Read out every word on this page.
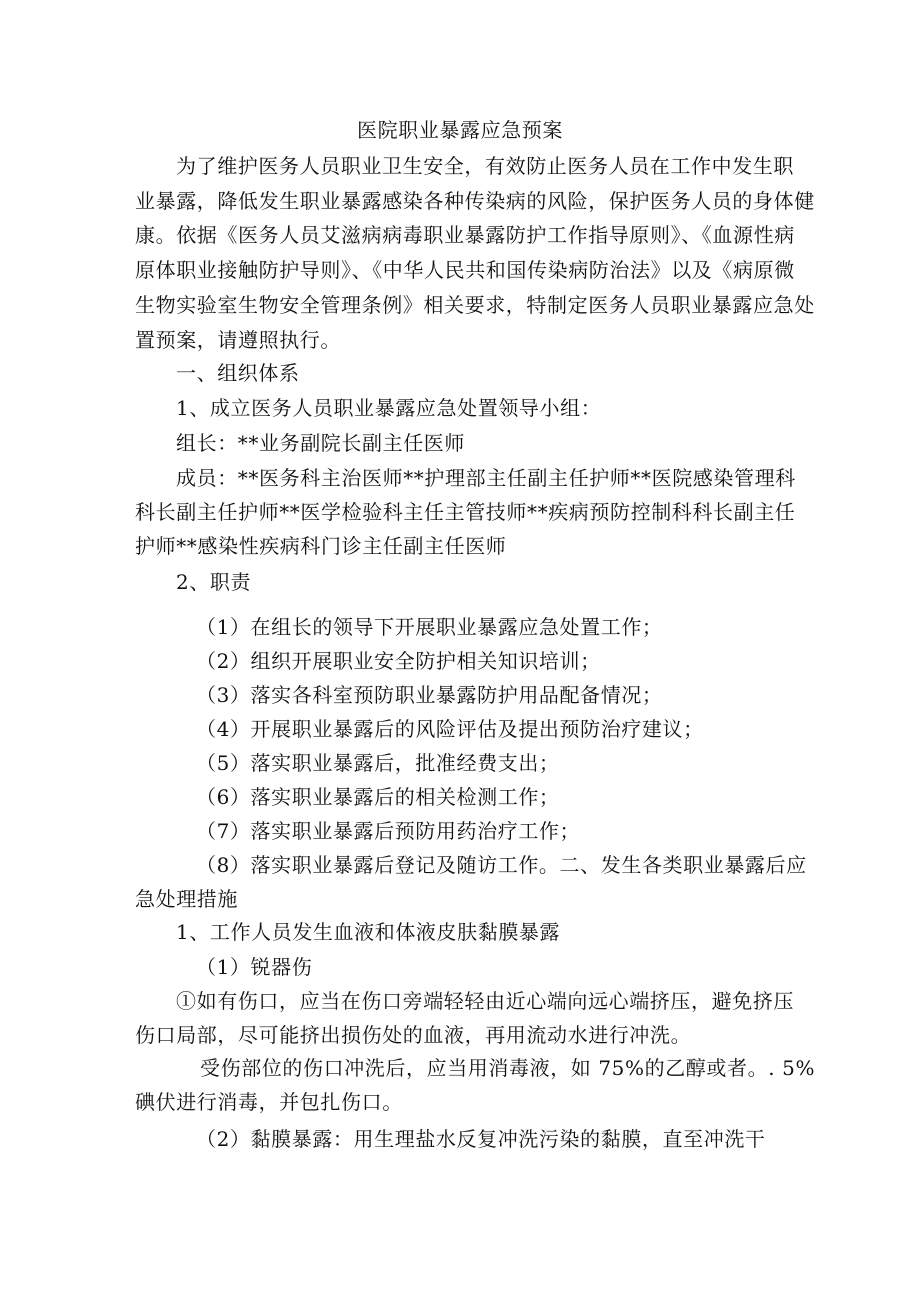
医院职业暴露应急预案
为了维护医务人员职业卫生安全，有效防止医务人员在工作中发生职
业暴露，降低发生职业暴露感染各种传染病的风险，保护医务人员的身体健
康。依据《医务人员艾滋病病毒职业暴露防护工作指导原则》、《血源性病
原体职业接触防护导则》、《中华人民共和国传染病防治法》以及《病原微
生物实验室生物安全管理条例》相关要求，特制定医务人员职业暴露应急处
置预案，请遵照执行。
一、组织体系
1、成立医务人员职业暴露应急处置领导小组：
组长：**业务副院长副主任医师
成员：**医务科主治医师**护理部主任副主任护师**医院感染管理科
科长副主任护师**医学检验科主任主管技师**疾病预防控制科科长副主任
护师**感染性疾病科门诊主任副主任医师
2、职责
（1）在组长的领导下开展职业暴露应急处置工作；
（2）组织开展职业安全防护相关知识培训；
（3）落实各科室预防职业暴露防护用品配备情况；
（4）开展职业暴露后的风险评估及提出预防治疗建议；
（5）落实职业暴露后，批准经费支出；
（6）落实职业暴露后的相关检测工作；
（7）落实职业暴露后预防用药治疗工作；
（8）落实职业暴露后登记及随访工作。二、发生各类职业暴露后应
急处理措施
1、工作人员发生血液和体液皮肤黏膜暴露
（1）锐器伤
①如有伤口，应当在伤口旁端轻轻由近心端向远心端挤压，避免挤压
伤口局部，尽可能挤出损伤处的血液，再用流动水进行冲洗。
受伤部位的伤口冲洗后，应当用消毒液，如 75%的乙醇或者。. 5%
碘伏进行消毒，并包扎伤口。
（2）黏膜暴露：用生理盐水反复冲洗污染的黏膜，直至冲洗干
